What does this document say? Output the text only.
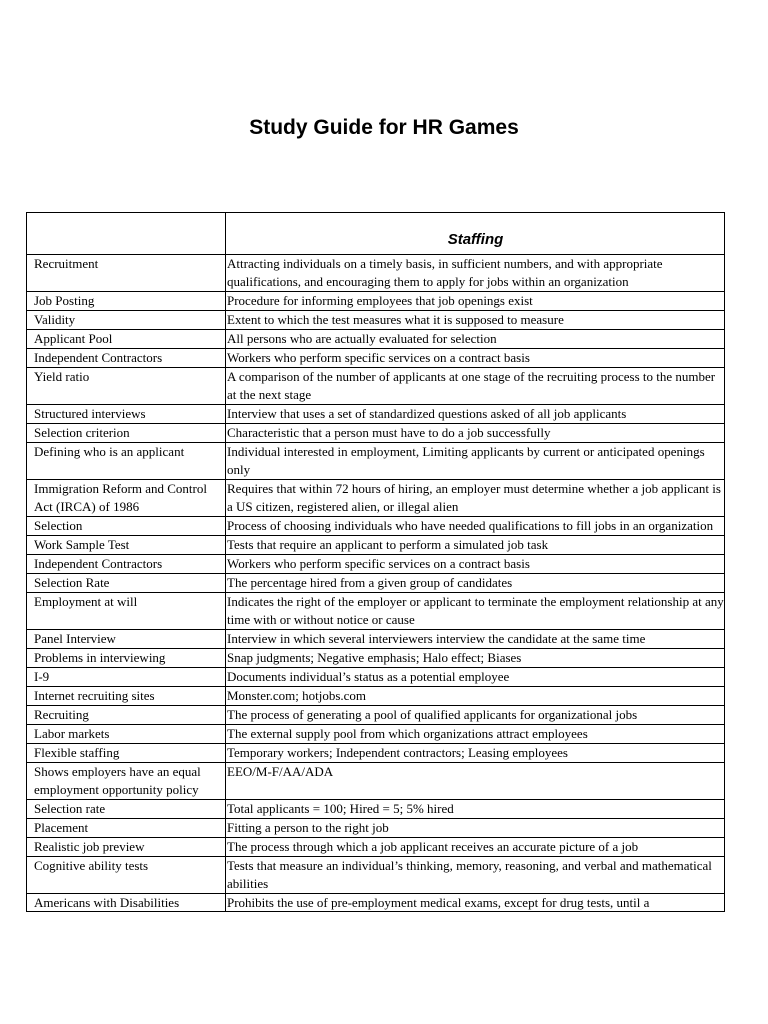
Study Guide for HR Games

	Staffing

Recruitment	Attracting individuals on a timely basis, in sufficient numbers, and with appropriate qualifications, and encouraging them to apply for jobs within an organization

Job Posting	Procedure for informing employees that job openings exist

Validity	Extent to which the test measures what it is supposed to measure

Applicant Pool	All persons who are actually evaluated for selection

Independent Contractors	Workers who perform specific services on a contract basis

Yield ratio	A comparison of the number of applicants at one stage of the recruiting process to the number at the next stage

Structured interviews	Interview that uses a set of standardized questions asked of all job applicants

Selection criterion	Characteristic that a person must have to do a job successfully

Defining who is an applicant	Individual interested in employment, Limiting applicants by current or anticipated openings only

Immigration Reform and Control Act (IRCA) of 1986	Requires that within 72 hours of hiring, an employer must determine whether a job applicant is a US citizen, registered alien, or illegal alien

Selection	Process of choosing individuals who have needed qualifications to fill jobs in an organization

Work Sample Test	Tests that require an applicant to perform a simulated job task

Independent Contractors	Workers who perform specific services on a contract basis

Selection Rate	The percentage hired from a given group of candidates

Employment at will	Indicates the right of the employer or applicant to terminate the employment relationship at any time with or without notice or cause

Panel Interview	Interview in which several interviewers interview the candidate at the same time

Problems in interviewing	Snap judgments; Negative emphasis; Halo effect; Biases

I-9	Documents individual’s status as a potential employee

Internet recruiting sites	Monster.com; hotjobs.com

Recruiting	The process of generating a pool of qualified applicants for organizational jobs

Labor markets	The external supply pool from which organizations attract employees

Flexible staffing	Temporary workers; Independent contractors; Leasing employees

Shows employers have an equal employment opportunity policy	EEO/M-F/AA/ADA

Selection rate	Total applicants = 100; Hired = 5; 5% hired

Placement	Fitting a person to the right job

Realistic job preview	The process through which a job applicant receives an accurate picture of a job

Cognitive ability tests	Tests that measure an individual’s thinking, memory, reasoning, and verbal and mathematical abilities

Americans with Disabilities	Prohibits the use of pre-employment medical exams, except for drug tests, until a
